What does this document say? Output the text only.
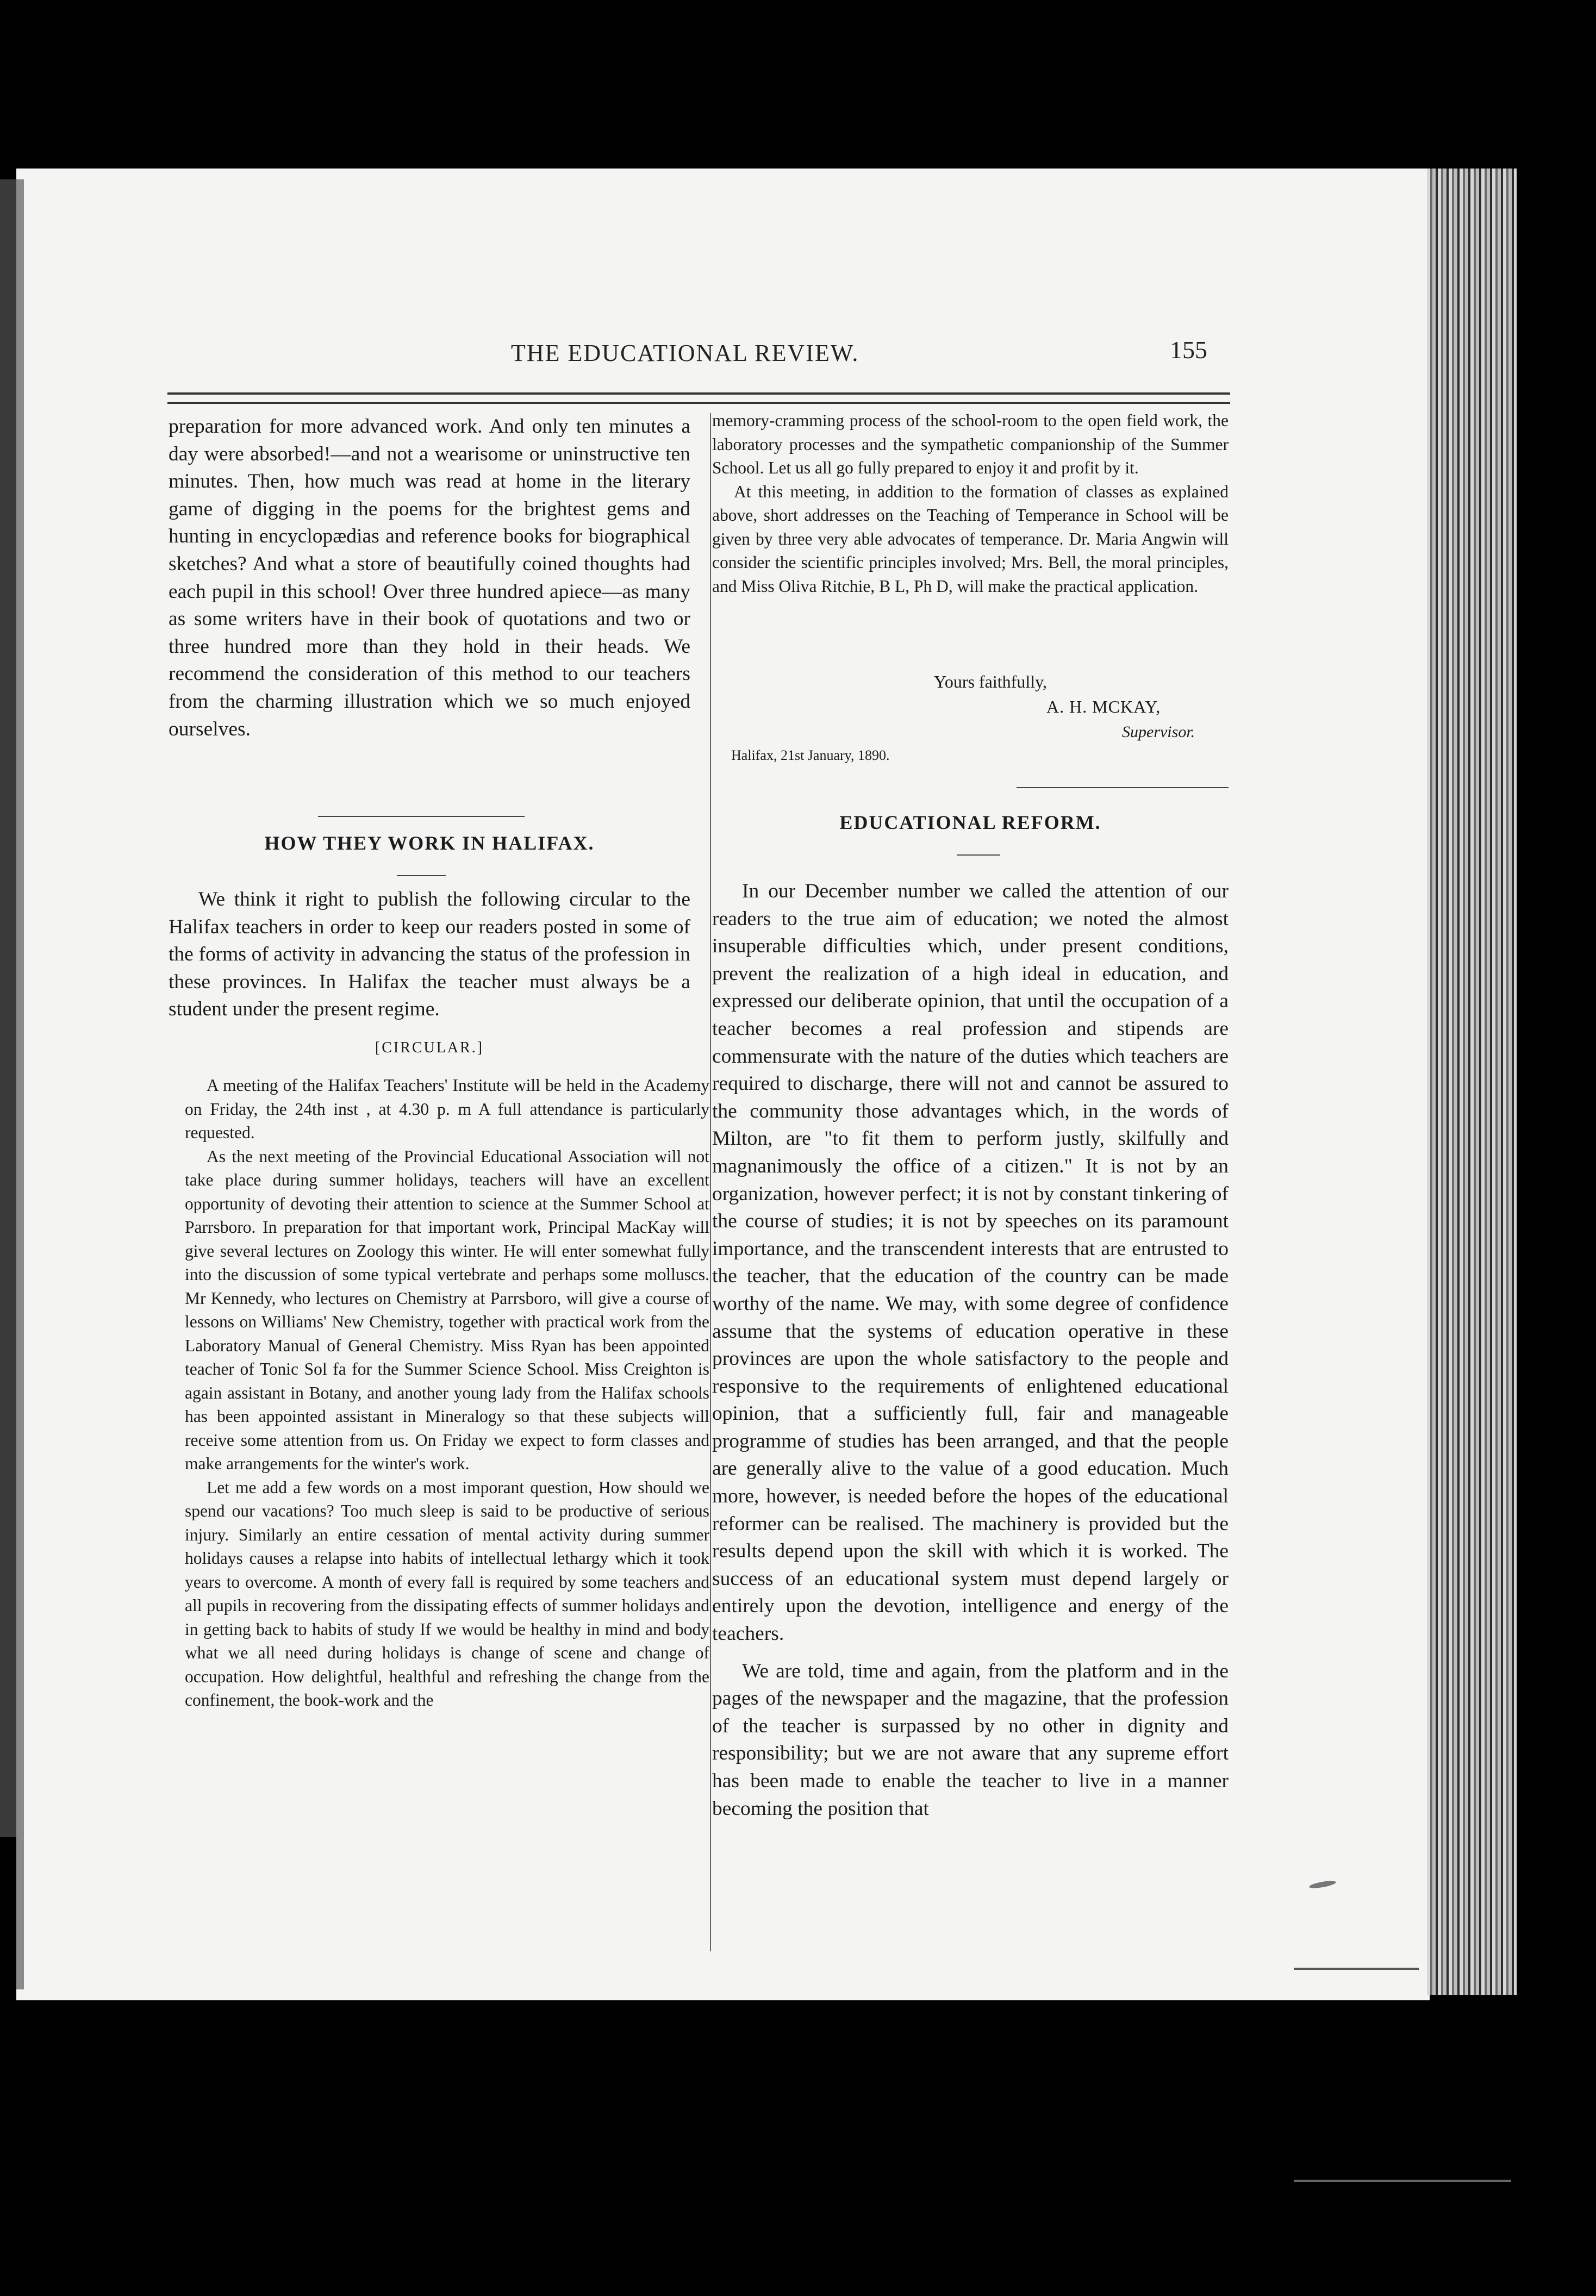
THE EDUCATIONAL REVIEW.	155

preparation for more advanced work. And only ten minutes a day were absorbed!—and not a wearisome or uninstructive ten minutes. Then, how much was read at home in the literary game of digging in the poems for the brightest gems and hunting in encyclopædias and reference books for biographical sketches? And what a store of beautifully coined thoughts had each pupil in this school! Over three hundred apiece—as many as some writers have in their book of quotations and two or three hundred more than they hold in their heads. We recommend the consideration of this method to our teachers from the charming illustration which we so much enjoyed ourselves.

HOW THEY WORK IN HALIFAX.

We think it right to publish the following circular to the Halifax teachers in order to keep our readers posted in some of the forms of activity in advancing the status of the profession in these provinces. In Halifax the teacher must always be a student under the present regime.

[CIRCULAR.]

A meeting of the Halifax Teachers' Institute will be held in the Academy on Friday, the 24th inst , at 4.30 p. m A full attendance is particularly requested.

As the next meeting of the Provincial Educational Association will not take place during summer holidays, teachers will have an excellent opportunity of devoting their attention to science at the Summer School at Parrsboro. In preparation for that important work, Principal MacKay will give several lectures on Zoology this winter. He will enter somewhat fully into the discussion of some typical vertebrate and perhaps some molluscs. Mr Kennedy, who lectures on Chemistry at Parrsboro, will give a course of lessons on Williams' New Chemistry, together with practical work from the Laboratory Manual of General Chemistry. Miss Ryan has been appointed teacher of Tonic Sol fa for the Summer Science School. Miss Creighton is again assistant in Botany, and another young lady from the Halifax schools has been appointed assistant in Mineralogy so that these subjects will receive some attention from us. On Friday we expect to form classes and make arrangements for the winter's work.

Let me add a few words on a most imporant question, How should we spend our vacations? Too much sleep is said to be productive of serious injury. Similarly an entire cessation of mental activity during summer holidays causes a relapse into habits of intellectual lethargy which it took years to overcome. A month of every fall is required by some teachers and all pupils in recovering from the dissipating effects of summer holidays and in getting back to habits of study If we would be healthy in mind and body what we all need during holidays is change of scene and change of occupation. How delightful, healthful and refreshing the change from the confinement, the book-work and the

memory-cramming process of the school-room to the open field work, the laboratory processes and the sympathetic companionship of the Summer School. Let us all go fully prepared to enjoy it and profit by it.

At this meeting, in addition to the formation of classes as explained above, short addresses on the Teaching of Temperance in School will be given by three very able advocates of temperance. Dr. Maria Angwin will consider the scientific principles involved; Mrs. Bell, the moral principles, and Miss Oliva Ritchie, B L, Ph D, will make the practical application.

Yours faithfully,
A. H. MCKAY,
Supervisor.
Halifax, 21st January, 1890.
EDUCATIONAL REFORM.

In our December number we called the attention of our readers to the true aim of education; we noted the almost insuperable difficulties which, under present conditions, prevent the realization of a high ideal in education, and expressed our deliberate opinion, that until the occupation of a teacher becomes a real profession and stipends are commensurate with the nature of the duties which teachers are required to discharge, there will not and cannot be assured to the community those advantages which, in the words of Milton, are "to fit them to perform justly, skilfully and magnanimously the office of a citizen." It is not by an organization, however perfect; it is not by constant tinkering of the course of studies; it is not by speeches on its paramount importance, and the transcendent interests that are entrusted to the teacher, that the education of the country can be made worthy of the name. We may, with some degree of confidence assume that the systems of education operative in these provinces are upon the whole satisfactory to the people and responsive to the requirements of enlightened educational opinion, that a sufficiently full, fair and manageable programme of studies has been arranged, and that the people are generally alive to the value of a good education. Much more, however, is needed before the hopes of the educational reformer can be realised. The machinery is provided but the results depend upon the skill with which it is worked. The success of an educational system must depend largely or entirely upon the devotion, intelligence and energy of the teachers.

We are told, time and again, from the platform and in the pages of the newspaper and the magazine, that the profession of the teacher is surpassed by no other in dignity and responsibility; but we are not aware that any supreme effort has been made to enable the teacher to live in a manner becoming the position that
